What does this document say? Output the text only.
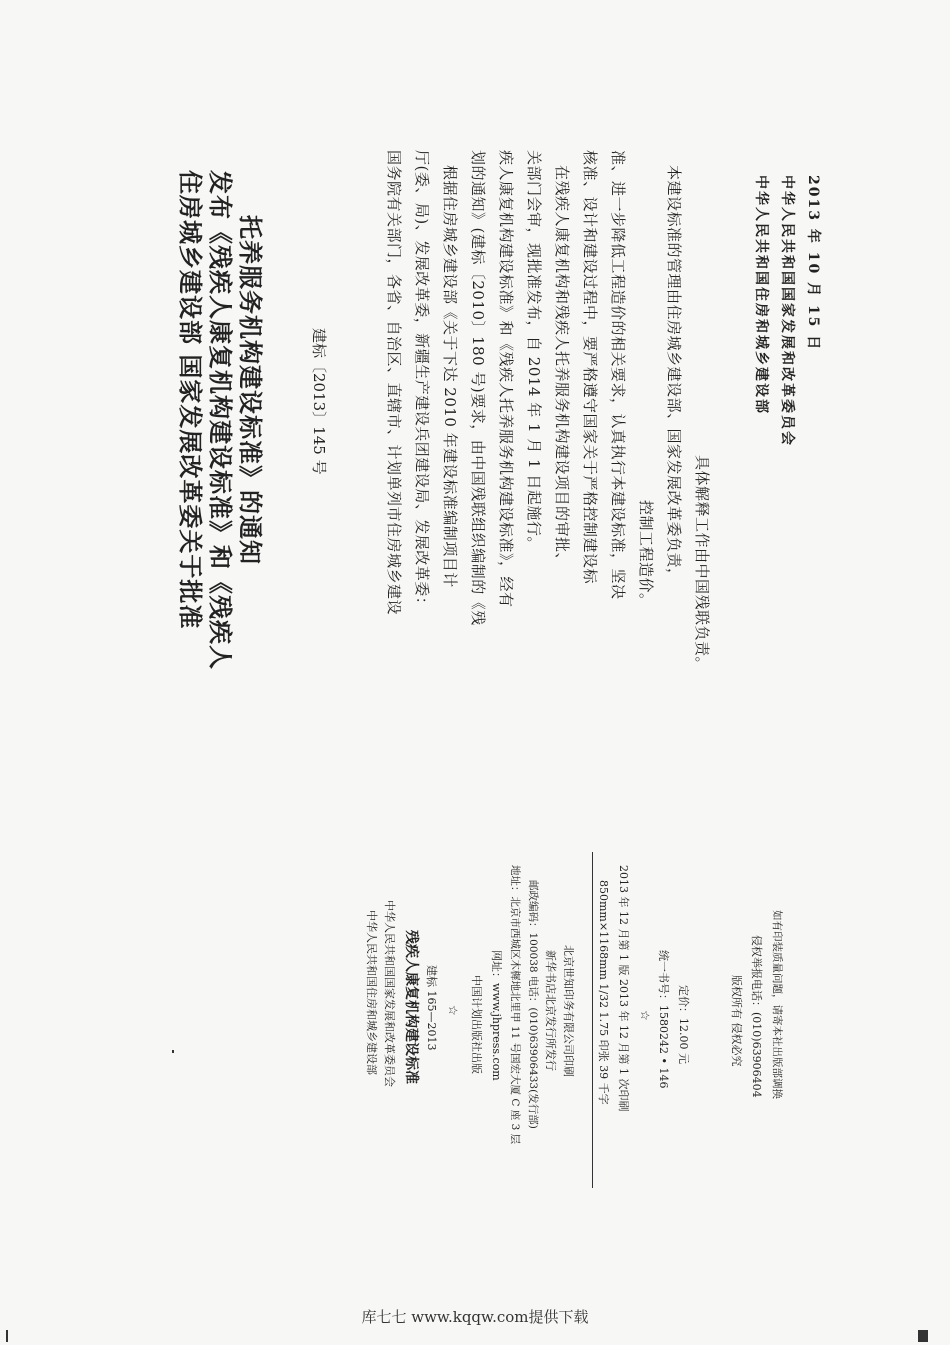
住房城乡建设部 国家发展改革委关于批准 发布《残疾人康复机构建设标准》和《残疾人 托养服务机构建设标准》的通知	建标〔2013〕145 号	国务院有关部门，各省、自治区、直辖市、计划单列市住房城乡建设 厅(委、局)、发展改革委，新疆生产建设兵团建设局、发展改革委： 根据住房城乡建设部《关于下达 2010 年建设标准编制项目计 划的通知》(建标〔2010〕180 号)要求，由中国残联组织编制的《残 疾人康复机构建设标准》和《残疾人托养服务机构建设标准》，经有 关部门会审，现批准发布，自 2014 年 1 月 1 日起施行。 在残疾人康复机构和残疾人托养服务机构建设项目的审批、 核准、设计和建设过程中，要严格遵守国家关于严格控制建设标 准、进一步降低工程造价的相关要求，认真执行本建设标准，坚决 控制工程造价。 本建设标准的管理由住房城乡建设部、国家发展改革委负责， 具体解释工作由中国残联负责。
中华人民共和国住房和城乡建设部 中华人民共和国国家发展和改革委员会 2013 年 10 月 15 日
中华人民共和国住房和城乡建设部 中华人民共和国国家发展和改革委员会 残疾人康复机构建设标准 建标 165—2013 ☆ 中国计划出版社出版 网址：www.jhpress.com 地址：北京市西城区木樨地北里甲 11 号国宏大厦 C 座 3 层 邮政编码：100038 电话：(010)63906433(发行部) 新华书店北京发行所发行 北京世知印务有限公司印刷 850mm×1168mm 1/32 1.75 印张 39 千字 2013 年 12 月第 1 版 2013 年 12 月第 1 次印刷 ☆ 统一书号：1580242 • 146 定价：12.00 元	版权所有 侵权必究 侵权举报电话：(010)63906404 如有印装质量问题，请寄本社出版部调换
库七七 www.kqqw.com提供下载
